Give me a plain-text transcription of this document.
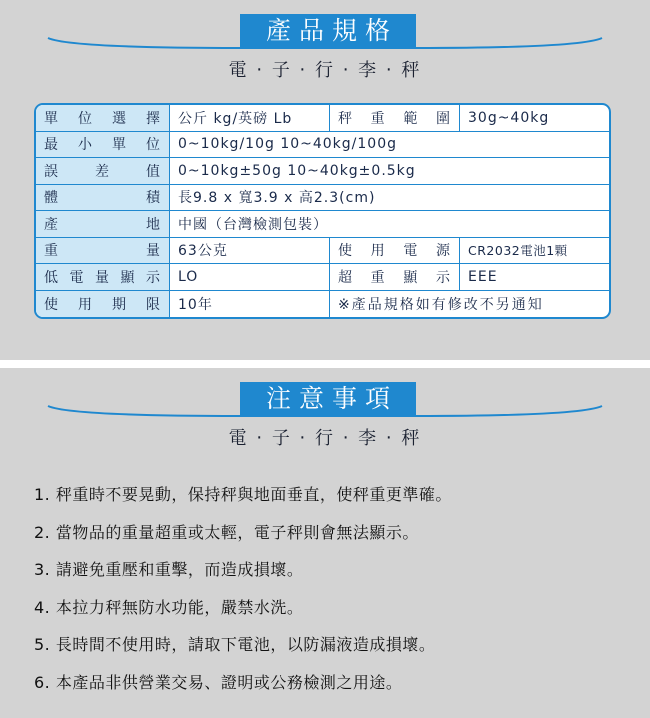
產品規格
電 ‧ 子 ‧ 行 ‧ 李 ‧ 秤
單 位 選 擇	公斤 kg/英磅 Lb	秤 重 範 圍	30g~40kg

最 小 單 位	0~10kg/10g 10~40kg/100g		

誤 差 值	0~10kg±50g 10~40kg±0.5kg		

體 積	長9.8 x 寬3.9 x 高2.3(cm)		

產 地	中國（台灣檢測包裝）		

重 量	63公克	使 用 電 源	CR2032電池1顆

低 電 量 顯 示	LO	超 重 顯 示	EEE

使 用 期 限	10年	※產品規格如有修改不另通知	
注意事項
電 ‧ 子 ‧ 行 ‧ 李 ‧ 秤
1. 秤重時不要晃動，保持秤與地面垂直，使秤重更準確。
2. 當物品的重量超重或太輕，電子秤則會無法顯示。
3. 請避免重壓和重擊，而造成損壞。
4. 本拉力秤無防水功能，嚴禁水洗。
5. 長時間不使用時，請取下電池，以防漏液造成損壞。
6. 本產品非供營業交易、證明或公務檢測之用途。
